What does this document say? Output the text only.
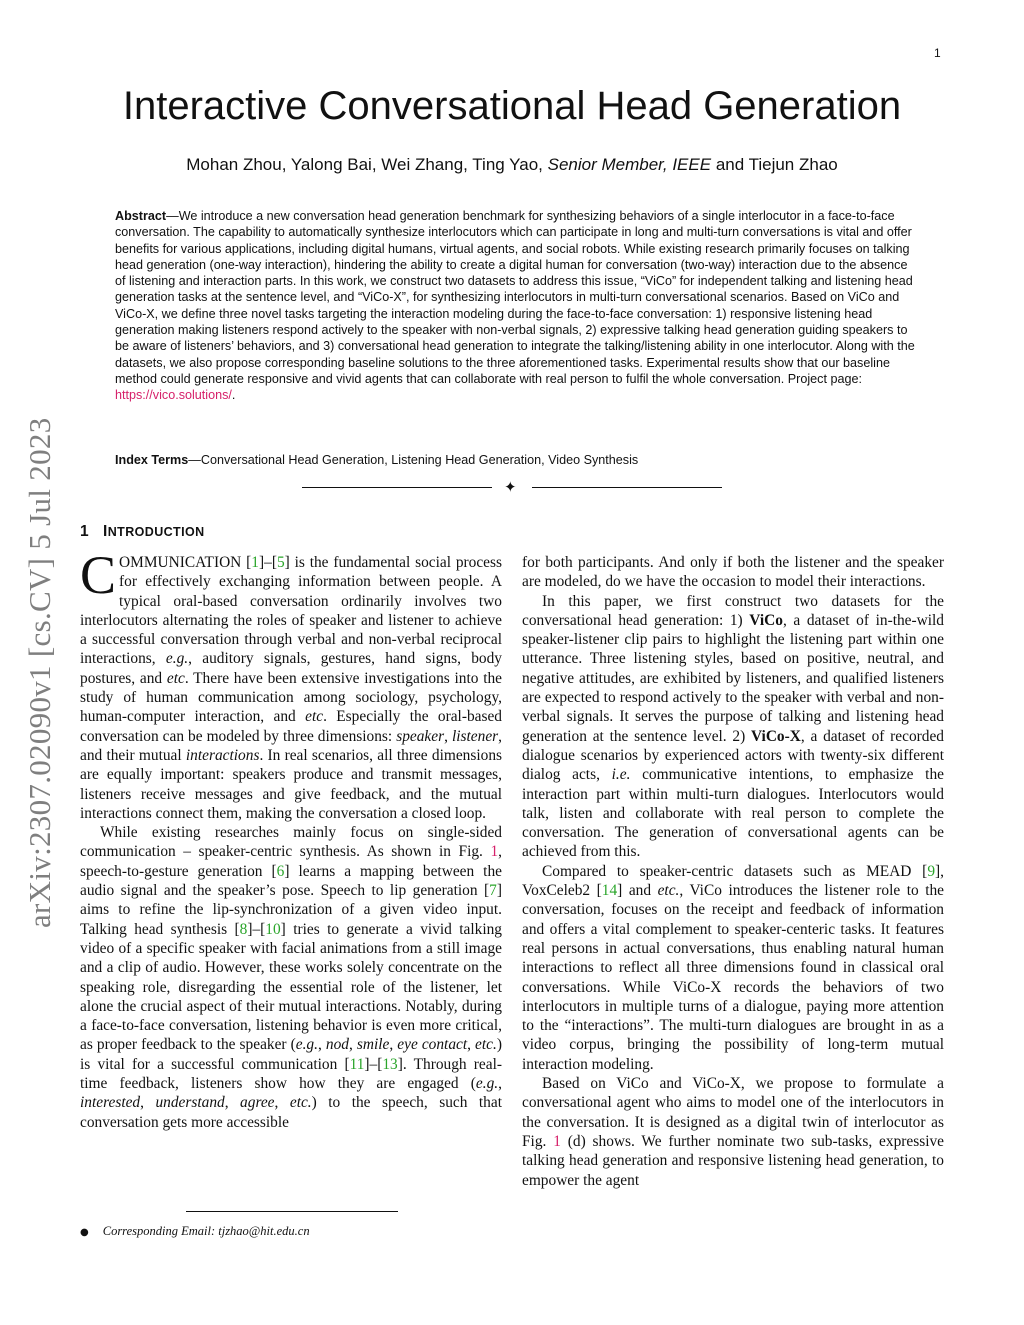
1
arXiv:2307.02090v1 [cs.CV] 5 Jul 2023
Interactive Conversational Head Generation
Mohan Zhou, Yalong Bai, Wei Zhang, Ting Yao, Senior Member, IEEE and Tiejun Zhao
Abstract—We introduce a new conversation head generation benchmark for synthesizing behaviors of a single interlocutor in a face-to-face conversation. The capability to automatically synthesize interlocutors which can participate in long and multi-turn conversations is vital and offer benefits for various applications, including digital humans, virtual agents, and social robots. While existing research primarily focuses on talking head generation (one-way interaction), hindering the ability to create a digital human for conversation (two-way) interaction due to the absence of listening and interaction parts. In this work, we construct two datasets to address this issue, “ViCo” for independent talking and listening head generation tasks at the sentence level, and “ViCo-X”, for synthesizing interlocutors in multi-turn conversational scenarios. Based on ViCo and ViCo-X, we define three novel tasks targeting the interaction modeling during the face-to-face conversation: 1) responsive listening head generation making listeners respond actively to the speaker with non-verbal signals, 2) expressive talking head generation guiding speakers to be aware of listeners’ behaviors, and 3) conversational head generation to integrate the talking/listening ability in one interlocutor. Along with the datasets, we also propose corresponding baseline solutions to the three aforementioned tasks. Experimental results show that our baseline method could generate responsive and vivid agents that can collaborate with real person to fulfil the whole conversation. Project page: https://vico.solutions/.
Index Terms—Conversational Head Generation, Listening Head Generation, Video Synthesis
✦
1 INTRODUCTION

COMMUNICATION [1]–[5] is the fundamental social process for effectively exchanging information between people. A typical oral-based conversation ordinarily involves two interlocutors alternating the roles of speaker and listener to achieve a successful conversation through verbal and non-verbal reciprocal interactions, e.g., auditory signals, gestures, hand signs, body postures, and etc. There have been extensive investigations into the study of human communication among sociology, psychology, human-computer interaction, and etc. Especially the oral-based conversation can be modeled by three dimensions: speaker, listener, and their mutual interactions. In real scenarios, all three dimensions are equally important: speakers produce and transmit messages, listeners receive messages and give feedback, and the mutual interactions connect them, making the conversation a closed loop.

While existing researches mainly focus on single-sided communication – speaker-centric synthesis. As shown in Fig. 1, speech-to-gesture generation [6] learns a mapping between the audio signal and the speaker’s pose. Speech to lip generation [7] aims to refine the lip-synchronization of a given video input. Talking head synthesis [8]–[10] tries to generate a vivid talking video of a specific speaker with facial animations from a still image and a clip of audio. However, these works solely concentrate on the speaking role, disregarding the essential role of the listener, let alone the crucial aspect of their mutual interactions. Notably, during a face-to-face conversation, listening behavior is even more critical, as proper feedback to the speaker (e.g., nod, smile, eye contact, etc.) is vital for a successful communication [11]–[13]. Through real-time feedback, listeners show how they are engaged (e.g., interested, understand, agree, etc.) to the speech, such that conversation gets more accessible

for both participants. And only if both the listener and the speaker are modeled, do we have the occasion to model their interactions.

In this paper, we first construct two datasets for the conversational head generation: 1) ViCo, a dataset of in-the-wild speaker-listener clip pairs to highlight the listening part within one utterance. Three listening styles, based on positive, neutral, and negative attitudes, are exhibited by listeners, and qualified listeners are expected to respond actively to the speaker with verbal and non-verbal signals. It serves the purpose of talking and listening head generation at the sentence level. 2) ViCo-X, a dataset of recorded dialogue scenarios by experienced actors with twenty-six different dialog acts, i.e. communicative intentions, to emphasize the interaction part within multi-turn dialogues. Interlocutors would talk, listen and collaborate with real person to complete the conversation. The generation of conversational agents can be achieved from this.

Compared to speaker-centric datasets such as MEAD [9], VoxCeleb2 [14] and etc., ViCo introduces the listener role to the conversation, focuses on the receipt and feedback of information and offers a vital complement to speaker-centeric tasks. It features real persons in actual conversations, thus enabling natural human interactions to reflect all three dimensions found in classical oral conversations. While ViCo-X records the behaviors of two interlocutors in multiple turns of a dialogue, paying more attention to the “interactions”. The multi-turn dialogues are brought in as a video corpus, bringing the possibility of long-term mutual interaction modeling.

Based on ViCo and ViCo-X, we propose to formulate a conversational agent who aims to model one of the interlocutors in the conversation. It is designed as a digital twin of interlocutor as Fig. 1 (d) shows. We further nominate two sub-tasks, expressive talking head generation and responsive listening head generation, to empower the agent

● Corresponding Email: tjzhao@hit.edu.cn
